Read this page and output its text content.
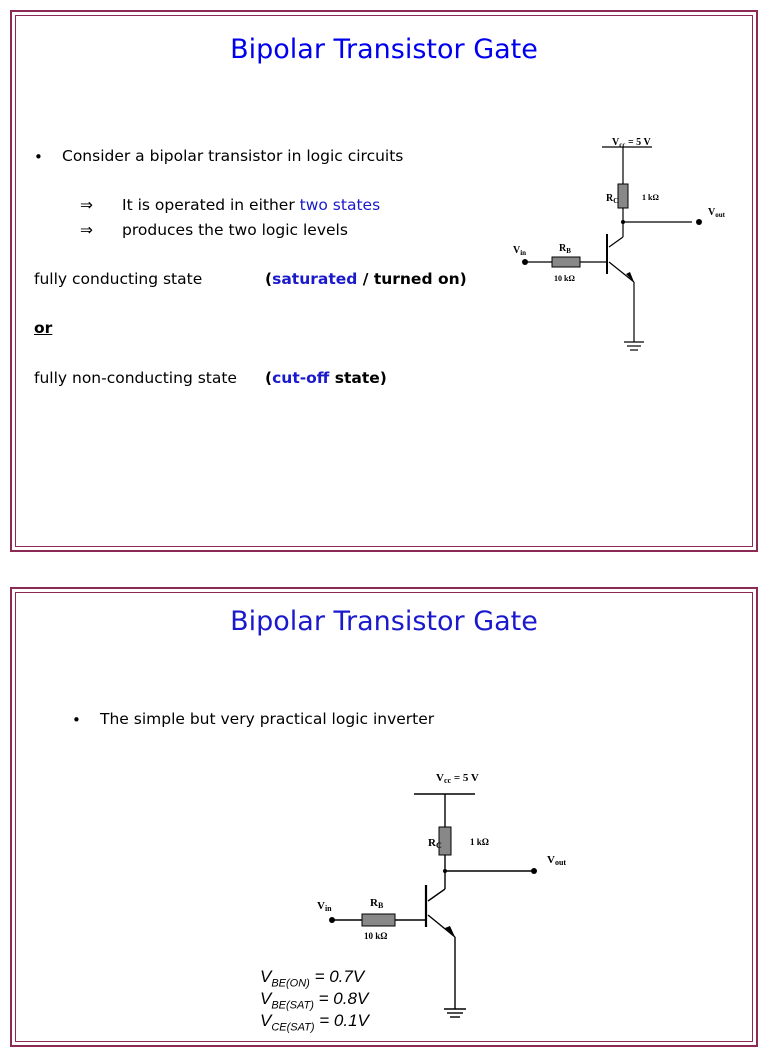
Bipolar Transistor Gate
• Consider a bipolar transistor in logic circuits
⇒ It is operated in either two states
⇒ produces the two logic levels
fully conducting state	(saturated / turned on)
or
fully non-conducting state (cut-off state)
$V_{cc} = 5$ V
$R_C$	1 kΩ
$V_{out}$
$V_{in}$	$R_B$
10 kΩ
Bipolar Transistor Gate
• The simple but very practical logic inverter
Vcc = 5 V
RC	1 kΩ
Vout
Vin	RB
10 kΩ
$V_{BE(ON)} = 0.7V$
$V_{BE(SAT)} = 0.8V$
$V_{CE(SAT)} = 0.1V$
